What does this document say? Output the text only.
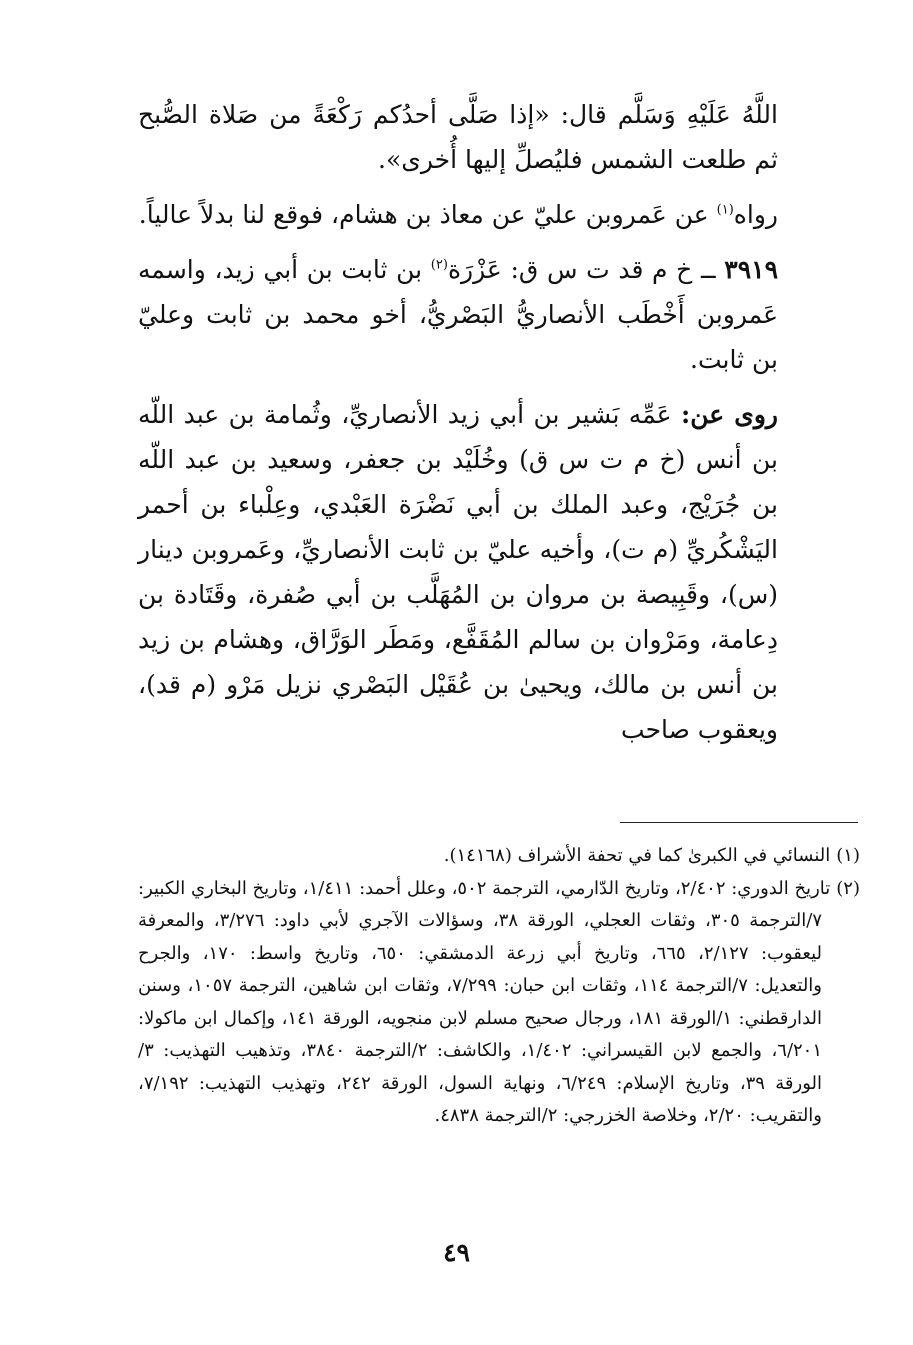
اللَّهُ عَلَيْهِ وَسَلَّم قال: «إذا صَلَّى أحدُكم رَكْعَةً من صَلاة الصُّبح ثم طلعت الشمس فليُصلِّ إليها أُخرى».

رواه$^{(١)}$ عن عَمروبن عليّ عن معاذ بن هشام، فوقع لنا بدلاً عالياً.

٣٩١٩ ــ خ م قد ت س ق: عَزْرَة$^{(٢)}$ بن ثابت بن أبي زيد، واسمه عَمروبن أَخْطَب الأنصاريُّ البَصْريُّ، أخو محمد بن ثابت وعليّ بن ثابت.

روى عن: عَمِّه بَشير بن أبي زيد الأنصاريِّ، وثُمامة بن عبد اللّه بن أنس (خ م ت س ق) وخُلَيْد بن جعفر، وسعيد بن عبد اللّه بن جُرَيْج، وعبد الملك بن أبي نَضْرَة العَبْدي، وعِلْباء بن أحمر اليَشْكُريِّ (م ت)، وأخيه عليّ بن ثابت الأنصاريِّ، وعَمروبن دينار (س)، وقَبِيصة بن مروان بن المُهَلَّب بن أبي صُفرة، وقَتَادة بن دِعامة، ومَرْوان بن سالم المُقَفَّع، ومَطَر الوَرَّاق، وهشام بن زيد بن أنس بن مالك، ويحيىٰ بن عُقَيْل البَصْري نزيل مَرْو (م قد)، ويعقوب صاحب

(١)النسائي في الكبرىٰ كما في تحفة الأشراف (١٤١٦٨).

(٢)تاريخ الدوري: ٢/٤٠٢، وتاريخ الدّارمي، الترجمة ٥٠٢، وعلل أحمد: ١/٤١١، وتاريخ البخاري الكبير: ٧/الترجمة ٣٠٥، وثقات العجلي، الورقة ٣٨، وسؤالات الآجري لأبي داود: ٣/٢٧٦، والمعرفة ليعقوب: ٢/١٢٧، ٦٦٥، وتاريخ أبي زرعة الدمشقي: ٦٥٠، وتاريخ واسط: ١٧٠، والجرح والتعديل: ٧/الترجمة ١١٤، وثقات ابن حبان: ٧/٢٩٩، وثقات ابن شاهين، الترجمة ١٠٥٧، وسنن الدارقطني: ١/الورقة ١٨١، ورجال صحيح مسلم لابن منجويه، الورقة ١٤١، وإكمال ابن ماكولا: ٦/٢٠١، والجمع لابن القيسراني: ١/٤٠٢، والكاشف: ٢/الترجمة ٣٨٤٠، وتذهيب التهذيب: ٣/الورقة ٣٩، وتاريخ الإسلام: ٦/٢٤٩، ونهاية السول، الورقة ٢٤٢، وتهذيب التهذيب: ٧/١٩٢، والتقريب: ٢/٢٠، وخلاصة الخزرجي: ٢/الترجمة ٤٨٣٨.

٤٩
